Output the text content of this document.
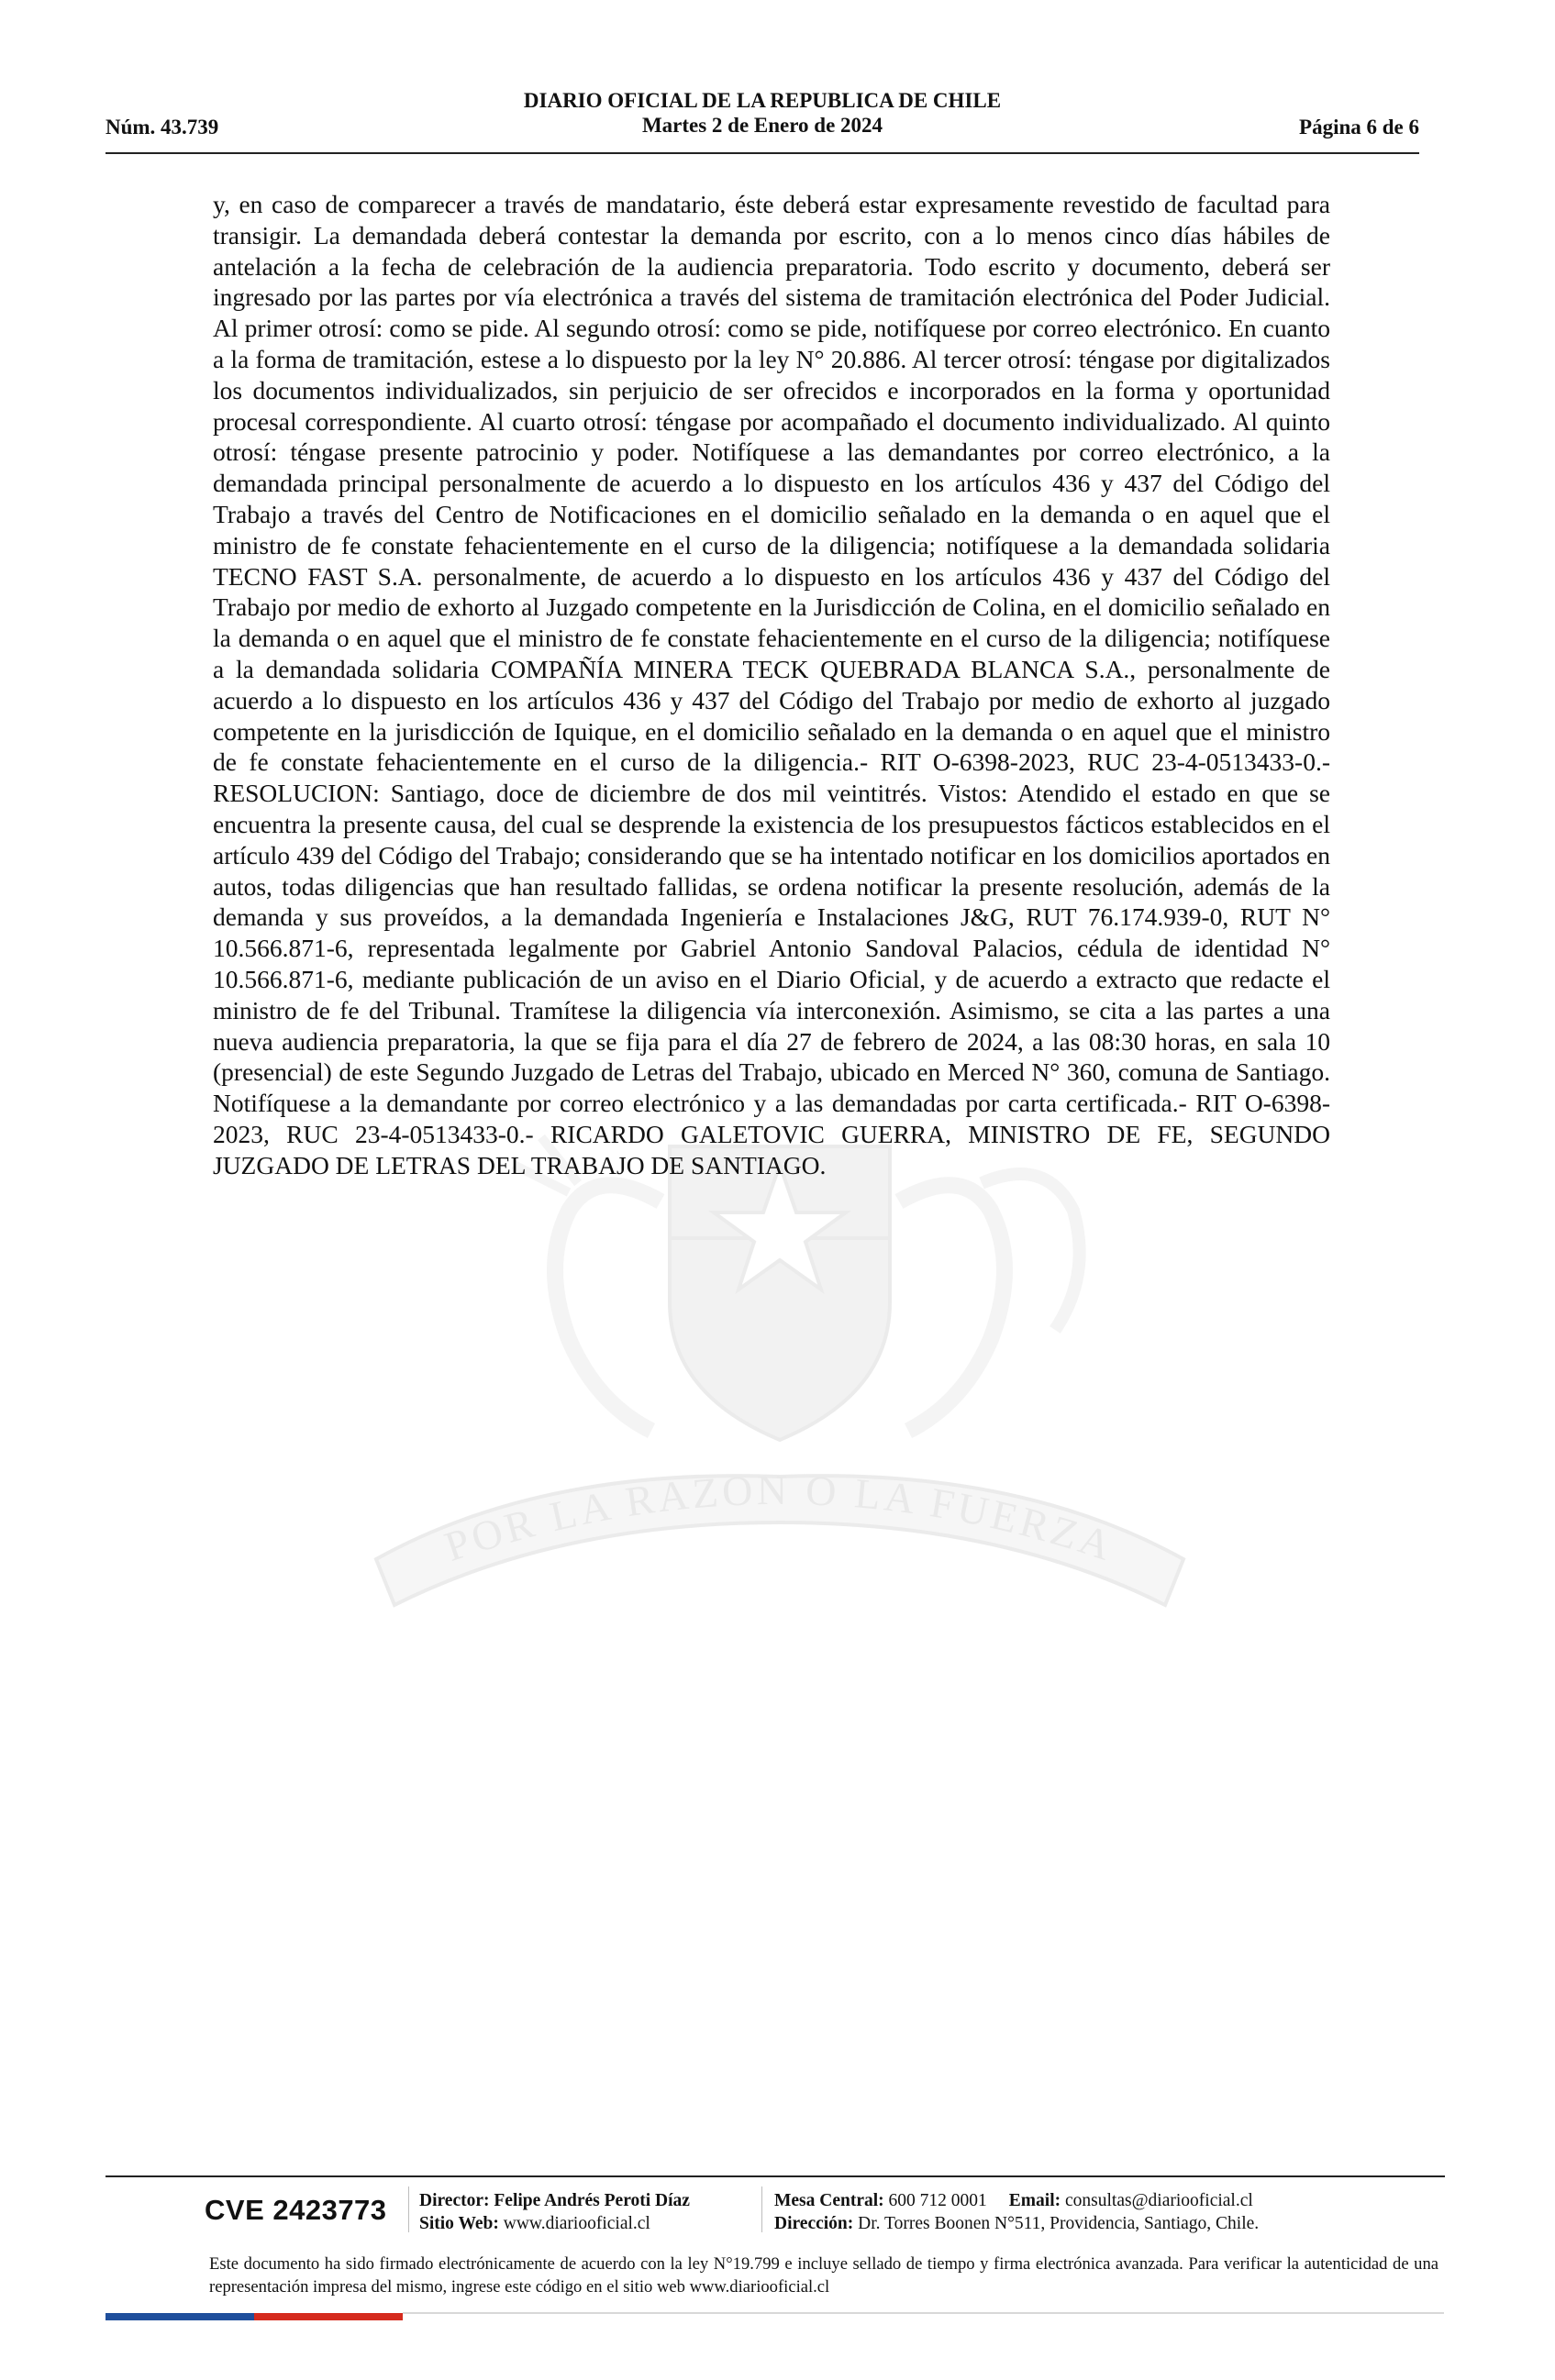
DIARIO OFICIAL DE LA REPUBLICA DE CHILE
Martes 2 de Enero de 2024
Núm. 43.739	Página 6 de 6
POR LA RAZON O LA FUERZA
y, en caso de comparecer a través de mandatario, éste deberá estar expresamente revestido de facultad para transigir. La demandada deberá contestar la demanda por escrito, con a lo menos cinco días hábiles de antelación a la fecha de celebración de la audiencia preparatoria. Todo escrito y documento, deberá ser ingresado por las partes por vía electrónica a través del sistema de tramitación electrónica del Poder Judicial. Al primer otrosí: como se pide. Al segundo otrosí: como se pide, notifíquese por correo electrónico. En cuanto a la forma de tramitación, estese a lo dispuesto por la ley N° 20.886. Al tercer otrosí: téngase por digitalizados los documentos individualizados, sin perjuicio de ser ofrecidos e incorporados en la forma y oportunidad procesal correspondiente. Al cuarto otrosí: téngase por acompañado el documento individualizado. Al quinto otrosí: téngase presente patrocinio y poder. Notifíquese a las demandantes por correo electrónico, a la demandada principal personalmente de acuerdo a lo dispuesto en los artículos 436 y 437 del Código del Trabajo a través del Centro de Notificaciones en el domicilio señalado en la demanda o en aquel que el ministro de fe constate fehacientemente en el curso de la diligencia; notifíquese a la demandada solidaria TECNO FAST S.A. personalmente, de acuerdo a lo dispuesto en los artículos 436 y 437 del Código del Trabajo por medio de exhorto al Juzgado competente en la Jurisdicción de Colina, en el domicilio señalado en la demanda o en aquel que el ministro de fe constate fehacientemente en el curso de la diligencia; notifíquese a la demandada solidaria COMPAÑÍA MINERA TECK QUEBRADA BLANCA S.A., personalmente de acuerdo a lo dispuesto en los artículos 436 y 437 del Código del Trabajo por medio de exhorto al juzgado competente en la jurisdicción de Iquique, en el domicilio señalado en la demanda o en aquel que el ministro de fe constate fehacientemente en el curso de la diligencia.- RIT O-6398-2023, RUC 23-4-0513433-0.- RESOLUCION: Santiago, doce de diciembre de dos mil veintitrés. Vistos: Atendido el estado en que se encuentra la presente causa, del cual se desprende la existencia de los presupuestos fácticos establecidos en el artículo 439 del Código del Trabajo; considerando que se ha intentado notificar en los domicilios aportados en autos, todas diligencias que han resultado fallidas, se ordena notificar la presente resolución, además de la demanda y sus proveídos, a la demandada Ingeniería e Instalaciones J&G, RUT 76.174.939-0, RUT N° 10.566.871-6, representada legalmente por Gabriel Antonio Sandoval Palacios, cédula de identidad N° 10.566.871-6, mediante publicación de un aviso en el Diario Oficial, y de acuerdo a extracto que redacte el ministro de fe del Tribunal. Tramítese la diligencia vía interconexión. Asimismo, se cita a las partes a una nueva audiencia preparatoria, la que se fija para el día 27 de febrero de 2024, a las 08:30 horas, en sala 10 (presencial) de este Segundo Juzgado de Letras del Trabajo, ubicado en Merced N° 360, comuna de Santiago. Notifíquese a la demandante por correo electrónico y a las demandadas por carta certificada.- RIT O-6398-2023, RUC 23-4-0513433-0.- RICARDO GALETOVIC GUERRA, MINISTRO DE FE, SEGUNDO JUZGADO DE LETRAS DEL TRABAJO DE SANTIAGO.
CVE 2423773 Director: Felipe Andrés Peroti Díaz
Sitio Web: www.diariooficial.cl
Mesa Central: 600 712 0001 Email: consultas@diariooficial.cl
Dirección: Dr. Torres Boonen N°511, Providencia, Santiago, Chile.
Este documento ha sido firmado electrónicamente de acuerdo con la ley N°19.799 e incluye sellado de tiempo y firma electrónica avanzada. Para verificar la autenticidad de una representación impresa del mismo, ingrese este código en el sitio web www.diariooficial.cl
